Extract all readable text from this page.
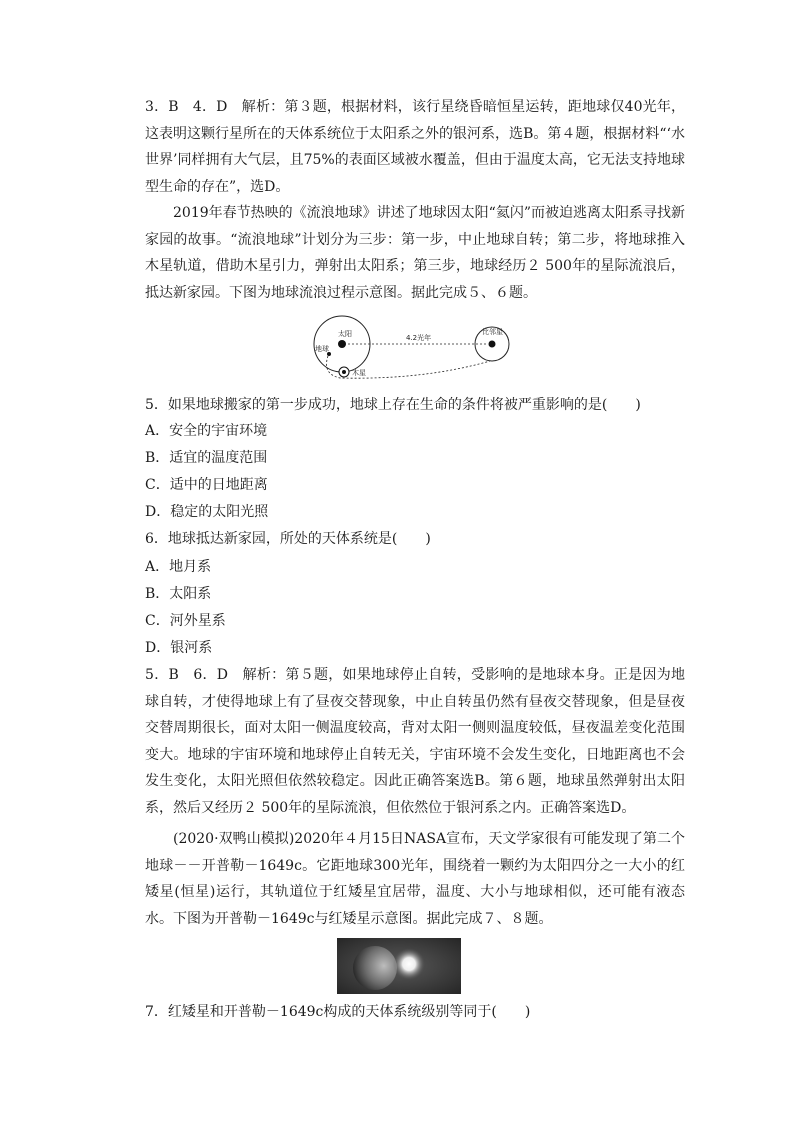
3．B　4．D　 解析：第３题，根据材料，该行星绕昏暗恒星运转，距地球仅40光年，这表明这颗行星所在的天体系统位于太阳系之外的银河系，选B。第４题，根据材料“‘水世界’同样拥有大气层，且75%的表面区域被水覆盖，但由于温度太高，它无法支持地球型生命的存在”，选D。

2019年春节热映的《流浪地球》讲述了地球因太阳“氦闪”而被迫逃离太阳系寻找新家园的故事。“流浪地球”计划分为三步：第一步，中止地球自转；第二步，将地球推入木星轨道，借助木星引力，弹射出太阳系；第三步，地球经历２ 500年的星际流浪后，抵达新家园。下图为地球流浪过程示意图。据此完成５、６题。

太阳
地球
木星
4.2光年
比邻星

5．如果地球搬家的第一步成功，地球上存在生命的条件将被严重影响的是(　　)

A．安全的宇宙环境

B．适宜的温度范围

C．适中的日地距离

D．稳定的太阳光照

6．地球抵达新家园，所处的天体系统是(　　)

A．地月系

B．太阳系

C．河外星系

D．银河系

5．B　6．D　 解析：第５题，如果地球停止自转，受影响的是地球本身。正是因为地球自转，才使得地球上有了昼夜交替现象，中止自转虽仍然有昼夜交替现象，但是昼夜交替周期很长，面对太阳一侧温度较高，背对太阳一侧则温度较低，昼夜温差变化范围变大。地球的宇宙环境和地球停止自转无关，宇宙环境不会发生变化，日地距离也不会发生变化，太阳光照但依然较稳定。因此正确答案选B。第６题，地球虽然弹射出太阳系，然后又经历２ 500年的星际流浪，但依然位于银河系之内。正确答案选D。

(2020·双鸭山模拟)2020年４月15日NASA宣布，天文学家很有可能发现了第二个地球－－开普勒－1649c。它距地球300光年，围绕着一颗约为太阳四分之一大小的红矮星(恒星)运行，其轨道位于红矮星宜居带，温度、大小与地球相似，还可能有液态水。下图为开普勒－1649c与红矮星示意图。据此完成７、８题。

7．红矮星和开普勒－1649c构成的天体系统级别等同于(　　)
